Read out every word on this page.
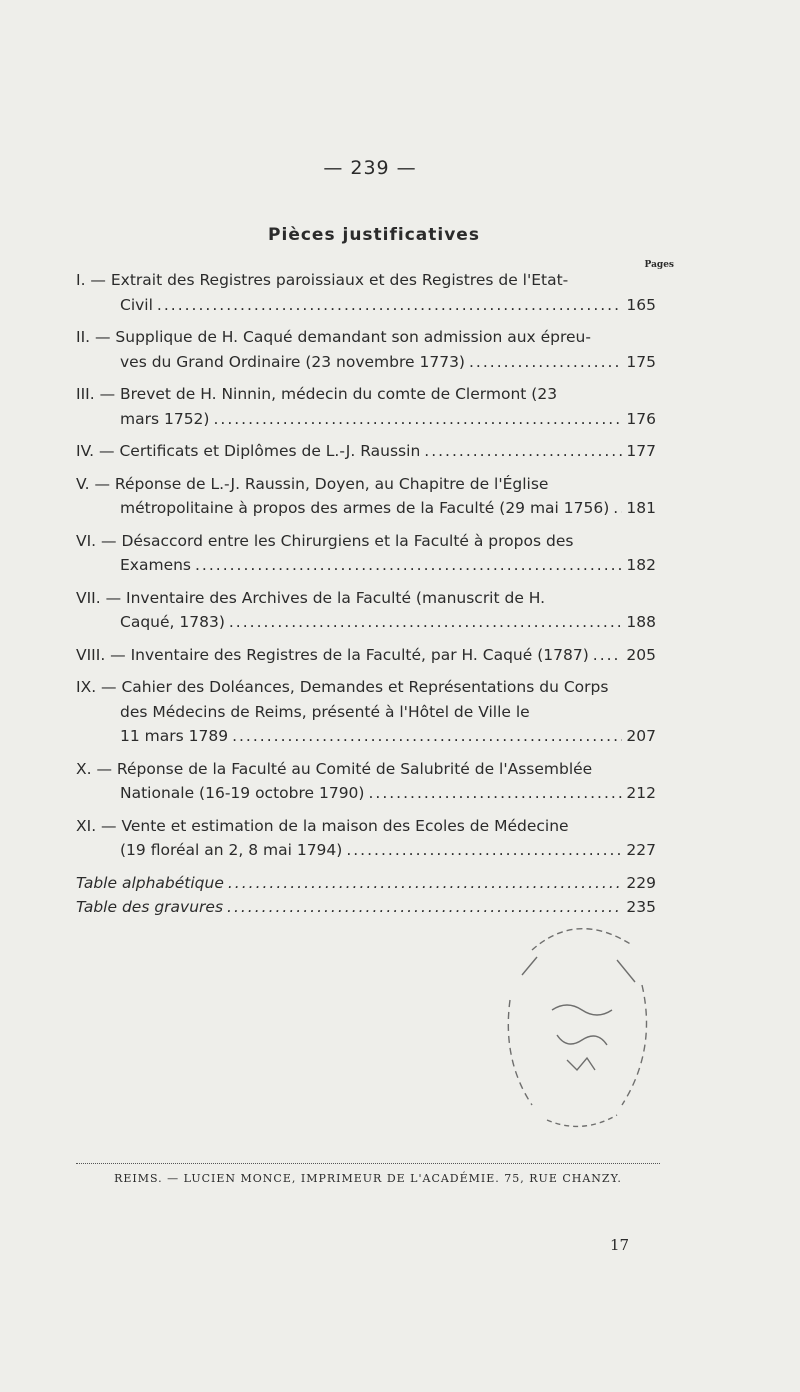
— 239 —
Pièces justificatives
Pages
I. — Extrait des Registres paroissiaux et des Registres de l'Etat-
Civil .....	165
II. — Supplique de H. Caqué demandant son admission aux épreu-
ves du Grand Ordinaire (23 novembre 1773) .....	175
III. — Brevet de H. Ninnin, médecin du comte de Clermont (23
mars 1752) .....	176
IV. — Certificats et Diplômes de L.-J. Raussin .....	177
V. — Réponse de L.-J. Raussin, Doyen, au Chapitre de l'Église
métropolitaine à propos des armes de la Faculté (29 mai 1756) ..... 181
VI. — Désaccord entre les Chirurgiens et la Faculté à propos des
Examens .....	182
VII. — Inventaire des Archives de la Faculté (manuscrit de H.
Caqué, 1783) .....	188
VIII. — Inventaire des Registres de la Faculté, par H. Caqué (1787) ..... 205
IX. — Cahier des Doléances, Demandes et Représentations du Corps
des Médecins de Reims, présenté à l'Hôtel de Ville le
11 mars 1789 .....	207
X. — Réponse de la Faculté au Comité de Salubrité de l'Assemblée
Nationale (16-19 octobre 1790) .....	212
XI. — Vente et estimation de la maison des Ecoles de Médecine
(19 floréal an 2, 8 mai 1794) .....	227
Table alphabétique .....	229
Table des gravures .....	235
REIMS. — LUCIEN MONCE, IMPRIMEUR DE L'ACADÉMIE. 75, RUE CHANZY.
17
